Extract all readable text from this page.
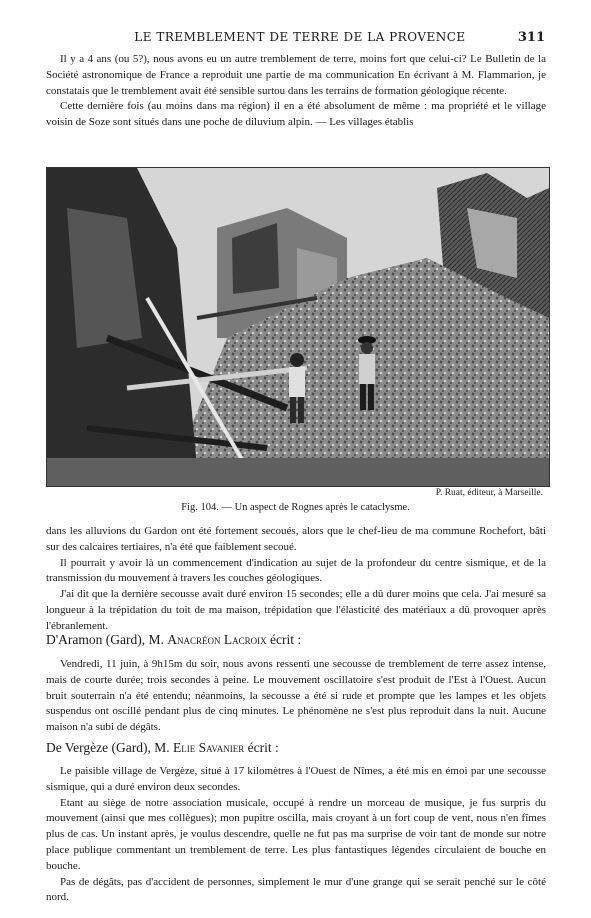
LE TREMBLEMENT DE TERRE DE LA PROVENCE	311

Il y a 4 ans (ou 5?), nous avons eu un autre tremblement de terre, moins fort que celui-ci? Le Bulletin de la Société astronomique de France a reproduit une partie de ma communication En écrivant à M. Flammarion, je constatais que le tremblement avait été sensible surtou dans les terrains de formation géologique récente.

Cette dernière fois (au moins dans ma région) il en a été absolument de même : ma propriété et le village voisin de Soze sont situés dans une poche de diluvium alpin. — Les villages établis

P. Ruat, éditeur, à Marseille.
Fig. 104. — Un aspect de Rognes après le cataclysme.

dans les alluvions du Gardon ont été fortement secoués, alors que le chef-lieu de ma commune Rochefort, bâti sur des calcaires tertiaires, n'a été que faiblement secoué.

Il pourrait y avoir là un commencement d'indication au sujet de la profondeur du centre sismique, et de la transmission du mouvement à travers les couches géologiques.

J'ai dit que la dernière secousse avait duré environ 15 secondes; elle a dû durer moins que cela. J'ai mesuré sa longueur à la trépidation du toit de ma maison, trépidation que l'élasticité des matériaux a dû provoquer après l'ébranlement.

D'Aramon (Gard), M. Anacréon Lacroix écrit :

Vendredi, 11 juin, à 9h15m du soir, nous avons ressenti une secousse de tremblement de terre assez intense, mais de courte durée; trois secondes à peine. Le mouvement oscillatoire s'est produit de l'Est à l'Ouest. Aucun bruit souterrain n'a été entendu; néanmoins, la secousse a été si rude et prompte que les lampes et les objets suspendus ont oscillé pendant plus de cinq minutes. Le phénomène ne s'est plus reproduit dans la nuit. Aucune maison n'a subi de dégâts.

De Vergèze (Gard), M. Elie Savanier écrit :

Le paisible village de Vergèze, situé à 17 kilomètres à l'Ouest de Nîmes, a été mis en émoi par une secousse sismique, qui a duré environ deux secondes.

Etant au siège de notre association musicale, occupé à rendre un morceau de musique, je fus surpris du mouvement (ainsi que mes collègues); mon pupitre oscilla, mais croyant à un fort coup de vent, nous n'en fîmes plus de cas. Un instant après, je voulus descendre, quelle ne fut pas ma surprise de voir tant de monde sur notre place publique commentant un tremblement de terre. Les plus fantastiques légendes circulaient de bouche en bouche.

Pas de dégâts, pas d'accident de personnes, simplement le mur d'une grange qui se serait penché sur le côté nord.
